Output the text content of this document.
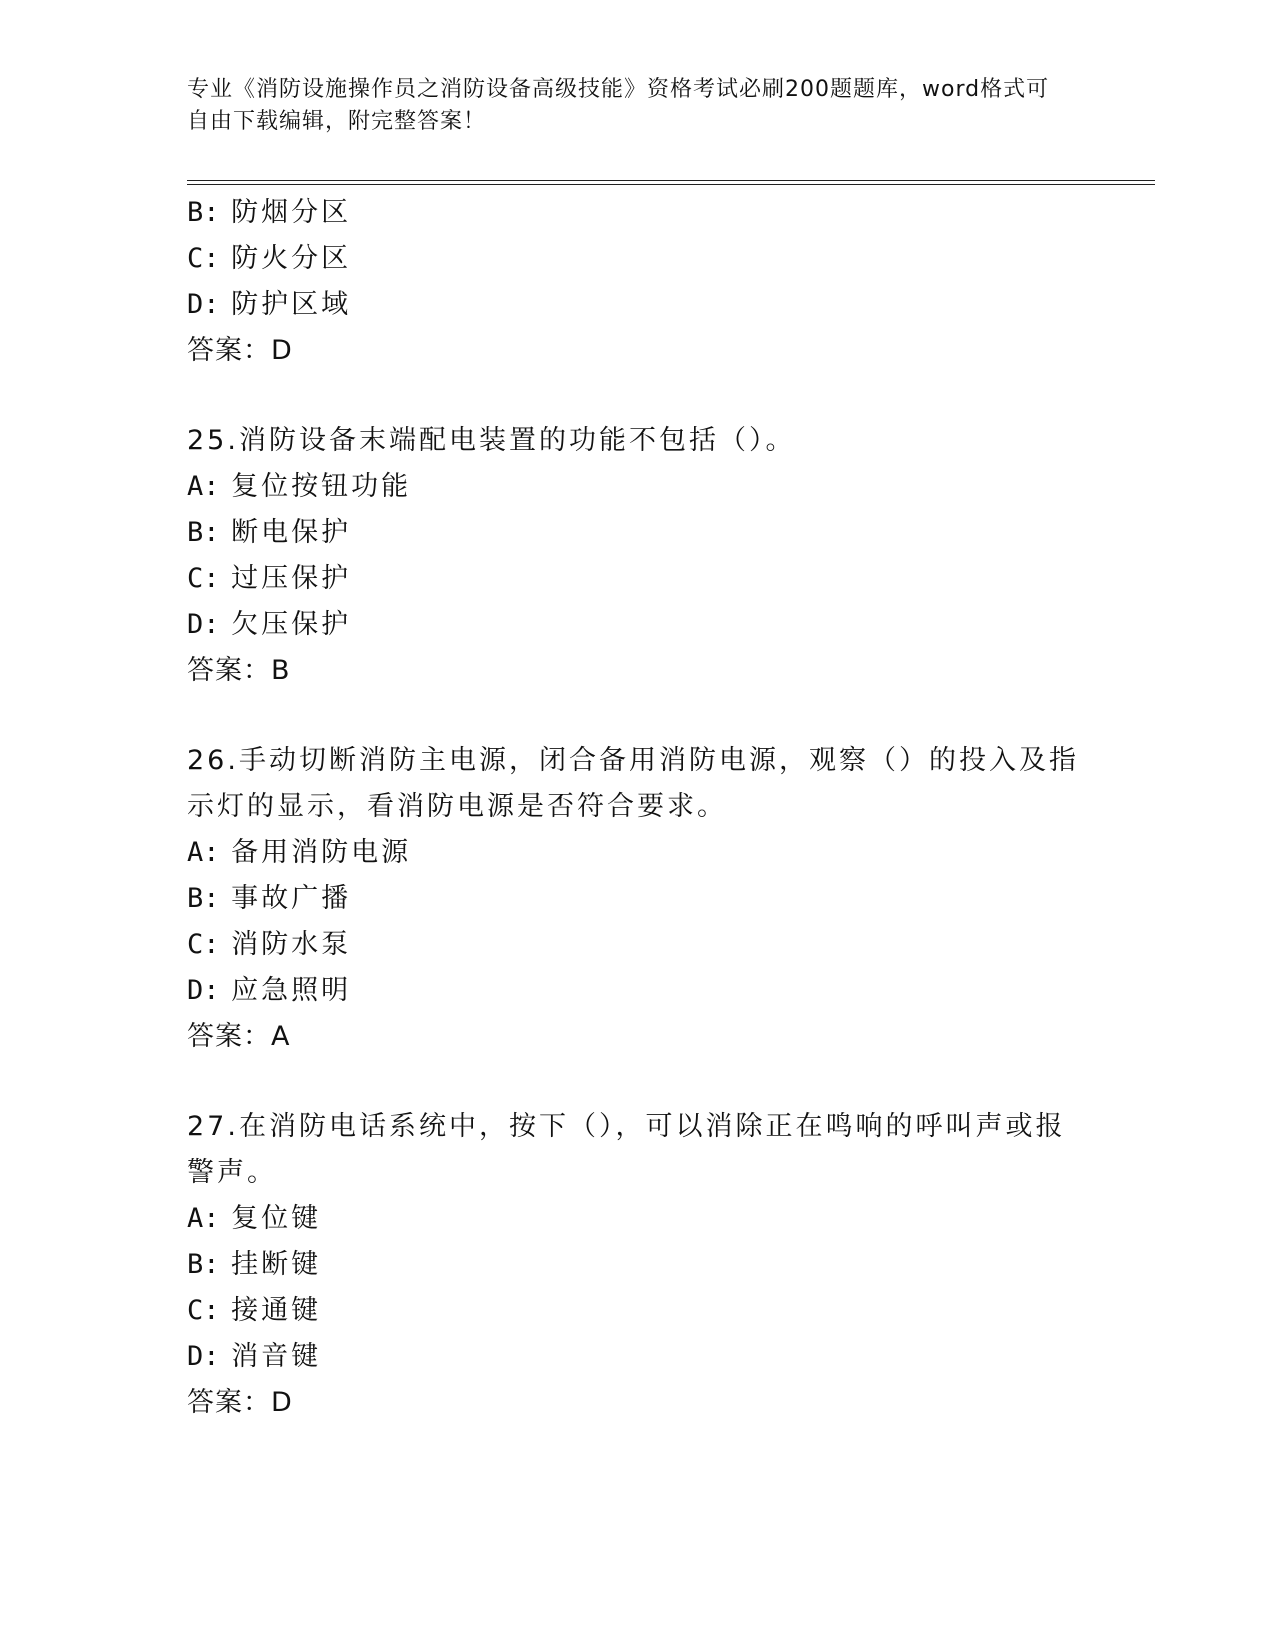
专业《消防设施操作员之消防设备高级技能》资格考试必刷200题题库，word格式可自由下载编辑，附完整答案！
B: 防烟分区
C: 防火分区
D: 防护区域
答案：D
25.消防设备末端配电装置的功能不包括（）。
A: 复位按钮功能
B: 断电保护
C: 过压保护
D: 欠压保护
答案：B
26.手动切断消防主电源，闭合备用消防电源，观察（）的投入及指示灯的显示，看消防电源是否符合要求。
A: 备用消防电源
B: 事故广播
C: 消防水泵
D: 应急照明
答案：A
27.在消防电话系统中，按下（），可以消除正在鸣响的呼叫声或报警声。
A: 复位键
B: 挂断键
C: 接通键
D: 消音键
答案：D
